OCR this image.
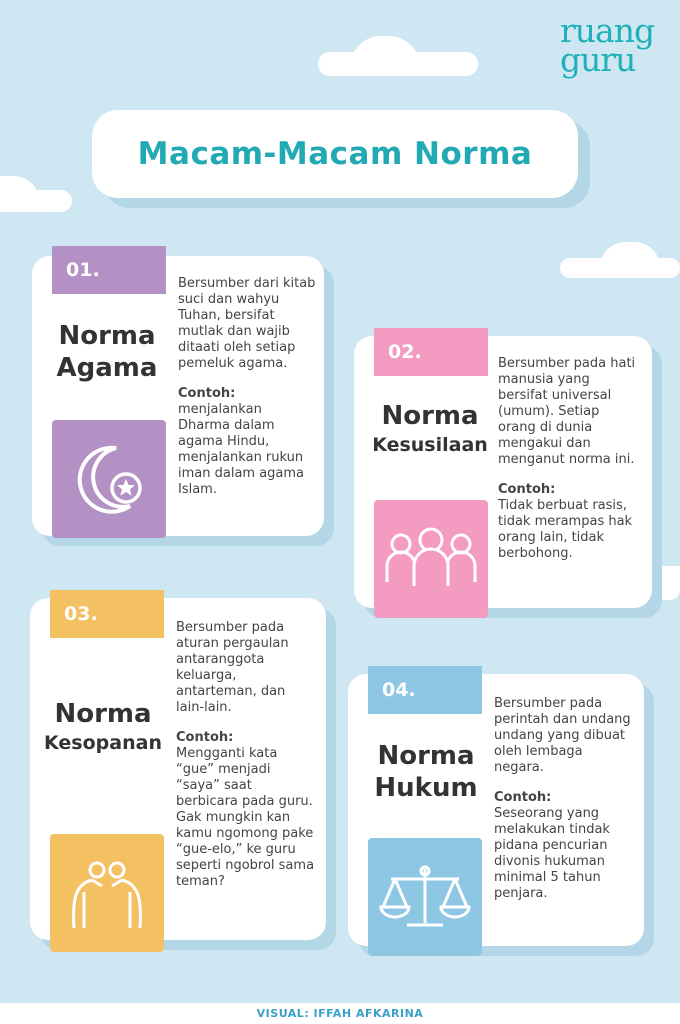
ruang
guru
Macam-Macam Norma
01.
Norma
Agama

Bersumber dari kitab suci dan wahyu Tuhan, bersifat mutlak dan wajib ditaati oleh setiap pemeluk agama.

Contoh:
menjalankan Dharma dalam agama Hindu, menjalankan rukun iman dalam agama Islam.
02.
Norma
Kesusilaan

Bersumber pada hati manusia yang bersifat universal (umum). Setiap orang di dunia mengakui dan menganut norma ini.

Contoh:
Tidak berbuat rasis, tidak merampas hak orang lain, tidak berbohong.
03.
Norma
Kesopanan

Bersumber pada aturan pergaulan antaranggota keluarga, antarteman, dan lain-lain.

Contoh:
Mengganti kata “gue” menjadi “saya” saat berbicara pada guru. Gak mungkin kan kamu ngomong pake “gue-elo,” ke guru seperti ngobrol sama teman?
04.
Norma
Hukum

Bersumber pada perintah dan undang undang yang dibuat oleh lembaga negara.

Contoh:
Seseorang yang melakukan tindak pidana pencurian divonis hukuman minimal 5 tahun penjara.
VISUAL: IFFAH AFKARINA
